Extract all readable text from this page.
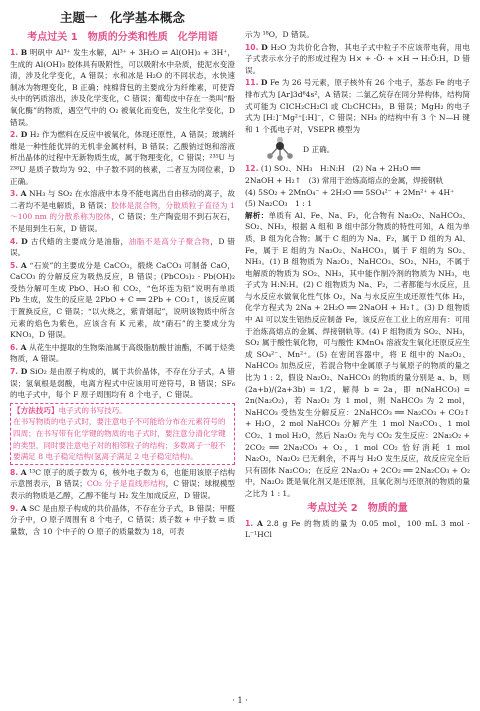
主题一 化学基本概念
考点过关 1　物质的分类和性质　化学用语
1. B 明矾中 Al³⁺ 发生水解，Al³⁺ + 3H₂O ⇌ Al(OH)₃ + 3H⁺，生成的 Al(OH)₃ 胶体具有吸附性，可以吸附水中杂质，使泥水变澄清，涉及化学变化，A 错误；水和冰是 H₂O 的不同状态，水快速制冰为物理变化，B 正确；纯棉背包的主要成分为纤维素，可使背头中的钙质溶出，涉及化学变化，C 错误；葡萄皮中存在一类叫“酚氧化酶”的物质，遇空气中的 O₂ 被氧化而变色，发生化学变化，D 错误。
2. D H₂ 作为燃料在反应中被氧化，体现还原性，A 错误；玻璃纤维是一种性能优异的无机非金属材料，B 错误；乙酸钠过饱和溶液析出晶体的过程中无新物质生成，属于物理变化，C 错误；²³⁵U 与 ²³⁸U 是质子数均为 92、中子数不同的核素，二者互为同位素，D 正确。
3. A NH₃ 与 SO₂ 在水溶液中本身不能电离出自由移动的离子，故二者均不是电解质，B 错误；胶体是混合物，分散质粒子直径为 1～100 nm 的分散系称为胶体，C 错误；生产陶瓷用不到石灰石，不是用到生石灰，D 错误。
4. D 古代蜡的主要成分是油脂，油脂不是高分子聚合物，D 错误。
5. A “石炭”的主要成分是 CaCO₃，煅烧 CaCO₃ 可制备 CaO，CaCO₃ 的分解反应为吸热反应，B 错误；(PbCO₃)₂ · Pb(OH)₂ 受热分解可生成 PbO、H₂O 和 CO₂，“色坏连为铅”说明有单质 Pb 生成，发生的反应是 2PbO + C ══ 2Pb + CO₂↑，该反应属于置换反应，C 错误；“以火烧之，紫青烟起”，说明该物质中所含元素的焰色为紫色，应该含有 K 元素，故“硝石”的主要成分为 KNO₃，D 错误。
6. A 从花生中提取的生物柴油属于高级脂肪酸甘油酯，不属于烃类物质，A 错误。
7. D SiO₂ 是由原子构成的，属于共价晶体，不存在分子式，A 错误；氢氧根是弱酸，电离方程式中应该用可逆符号，B 错误；SF₆ 的电子式中，每个 F 原子周围均有 8 个电子，C 错误。
【方法技巧】电子式的书写技巧。
在书写物质的电子式时，要注意电子不可能给分布在元素符号的四周；在书写带有化学键的物质的电子式时，要注意分清化学键的类型，同时要注意电子对的相邻粒子的结构；多数离子一般不要满足 8 电子稳定结构(氢离子满足 2 电子稳定结构)。
8. A ¹³C 原子的质子数为 6，核外电子数为 6，也能用该原子结构示意图表示，B 错误；CO₂ 分子是直线形结构，C 错误；球棍模型表示的物质是乙醇，乙醇不能与 H₂ 发生加成反应，D 错误。
9. A SC 是由原子构成的共价晶体，不存在分子式，B 错误；甲醛分子中，O 原子周围有 8 个电子，C 错误；质子数 + 中子数 = 质量数，含 10 个中子的 O 原子的质量数为 18，可表
示为 ¹⁸O，D 错误。
10. D H₂O 为共价化合物，其电子式中粒子不应该带电荷，用电子式表示水分子的形成过程为 H× + ·Ö· + ×H → H:Ö:H，D 错误。
11. D Fe 为 26 号元素，原子核外有 26 个电子，基态 Fe 的电子排布式为 [Ar]3d⁶4s²，A 错误；二氯乙烷存在同分异构体，结构简式可能为 CICH₂CH₂Cl 或 Cl₂CHCH₃，B 错误；MgH₂ 的电子式为 [H:]⁻Mg²⁺[:H]⁻，C 错误；NH₃ 的结构中有 3 个 N—H 键和 1 个孤电子对，VSEPR 模型为
D 正确。
12. (1) SO₂、NH₃　H:N:H　(2) Na + 2H₂O ══
2NaOH + H₂↑　(3) 常用于治炼高熔点的金属，焊接钢轨
(4) 5SO₂ + 2MnO₄⁻ + 2H₂O ══ 5SO₄²⁻ + 2Mn²⁺ + 4H⁺
(5) Na₂CO₃　1 : 1
解析：单质有 Al、Fe、Na、F₂，化合物有 Na₂O₂、NaHCO₃、SO₂、NH₃，根据 A 组和 B 组中部分物质的特性可知，A 组为单质，B 组为化合物；属于 C 组的为 Na、F₂，属于 D 组的为 Al、Fe，属于 E 组的为 Na₂O₂、NaHCO₃，属于 F 组的为 SO₂、NH₃。(1) B 组物质为 Na₂O₂、NaHCO₃、SO₂、NH₃，不属于电解质的物质为 SO₂、NH₃，其中能作制冷剂的物质为 NH₃，电子式为 H:N:H。(2) C 组物质为 Na、F₂，二者都能与水反应，且与水反应水做氧化性气体 O₂，Na 与水反应生成还原性气体 H₂，化学方程式为 2Na + 2H₂O ══ 2NaOH + H₂↑。(3) D 组物质中 Al 可以发生铝热反应制备 Fe，该反应在工业上的应用有：可用于治炼高熔点的金属、焊接钢轨等。(4) F 组物质为 SO₂、NH₃，SO₂ 属于酸性氧化物，可与酸性 KMnO₄ 溶液发生氧化还原反应生成 SO₄²⁻、Mn²⁺。(5) 在密闭容器中，将 E 组中的 Na₂O₂、NaHCO₃ 加热反应，若混合物中金属原子与氧原子的物质的量之比为 1 : 2，假设 Na₂O₂、NaHCO₃ 的物质的量分别是 a、b，则 (2a+b)/(2a+3b) = 1/2，解得 b = 2a，即 n(NaHCO₃) = 2n(Na₂O₂)，若 Na₂O₂ 为 1 mol，则 NaHCO₃ 为 2 mol，NaHCO₃ 受热发生分解反应：2NaHCO₃ ══ Na₂CO₃ + CO₂↑ + H₂O，2 mol NaHCO₃ 分解产生 1 mol Na₂CO₃、1 mol CO₂、1 mol H₂O，然后 Na₂O₂ 先与 CO₂ 发生反应：2Na₂O₂ + 2CO₂ ══ 2Na₂CO₃ + O₂，1 mol CO₂ 恰好消耗 1 mol Na₂O₂，Na₂O₂ 已无剩余，不再与 H₂O 发生反应，故反应完全后只有固体 Na₂CO₃；在反应 2Na₂O₂ + 2CO₂ ══ 2Na₂CO₃ + O₂ 中，Na₂O₂ 既是氧化剂又是还原剂，且氧化剂与还原剂的物质的量之比为 1 : 1。
考点过关 2　物质的量
1. A 2.8 g Fe 的物质的量为 0.05 mol，100 mL 3 mol · L⁻¹HCl
· 1 ·
